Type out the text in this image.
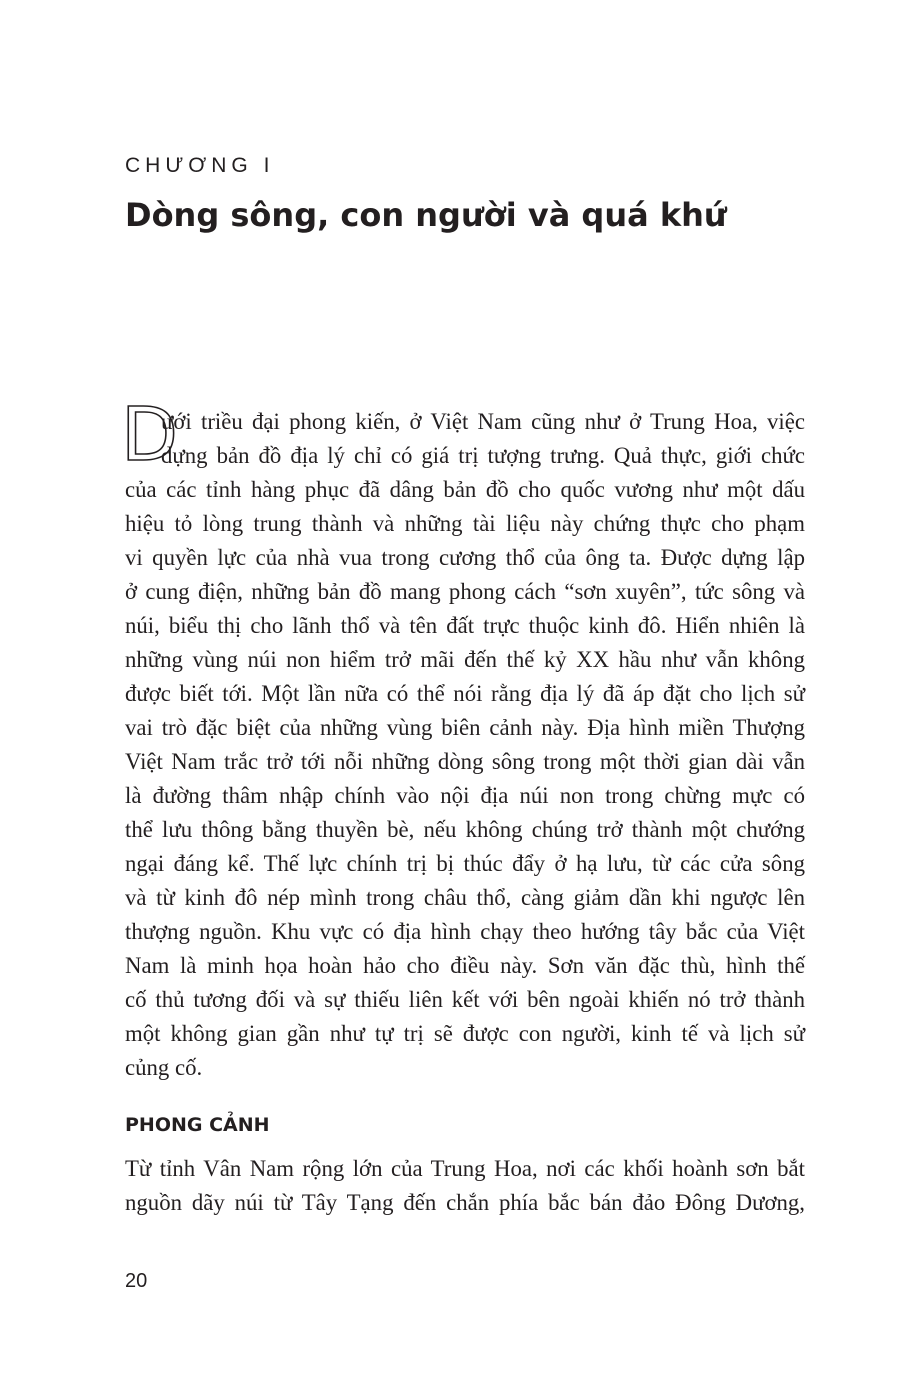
CHƯƠNG I
Dòng sông, con người và quá khứ
D
ưới triều đại phong kiến, ở Việt Nam cũng như ở Trung Hoa, việc
dựng bản đồ địa lý chỉ có giá trị tượng trưng. Quả thực, giới chức
của các tỉnh hàng phục đã dâng bản đồ cho quốc vương như một dấu
hiệu tỏ lòng trung thành và những tài liệu này chứng thực cho phạm
vi quyền lực của nhà vua trong cương thổ của ông ta. Được dựng lập
ở cung điện, những bản đồ mang phong cách “sơn xuyên”, tức sông và
núi, biểu thị cho lãnh thổ và tên đất trực thuộc kinh đô. Hiển nhiên là
những vùng núi non hiểm trở mãi đến thế kỷ XX hầu như vẫn không
được biết tới. Một lần nữa có thể nói rằng địa lý đã áp đặt cho lịch sử
vai trò đặc biệt của những vùng biên cảnh này. Địa hình miền Thượng
Việt Nam trắc trở tới nỗi những dòng sông trong một thời gian dài vẫn
là đường thâm nhập chính vào nội địa núi non trong chừng mực có
thể lưu thông bằng thuyền bè, nếu không chúng trở thành một chướng
ngại đáng kể. Thế lực chính trị bị thúc đẩy ở hạ lưu, từ các cửa sông
và từ kinh đô nép mình trong châu thổ, càng giảm dần khi ngược lên
thượng nguồn. Khu vực có địa hình chạy theo hướng tây bắc của Việt
Nam là minh họa hoàn hảo cho điều này. Sơn văn đặc thù, hình thế
cố thủ tương đối và sự thiếu liên kết với bên ngoài khiến nó trở thành
một không gian gần như tự trị sẽ được con người, kinh tế và lịch sử
củng cố.
PHONG CẢNH
Từ tỉnh Vân Nam rộng lớn của Trung Hoa, nơi các khối hoành sơn bắt
nguồn dãy núi từ Tây Tạng đến chắn phía bắc bán đảo Đông Dương,
20
